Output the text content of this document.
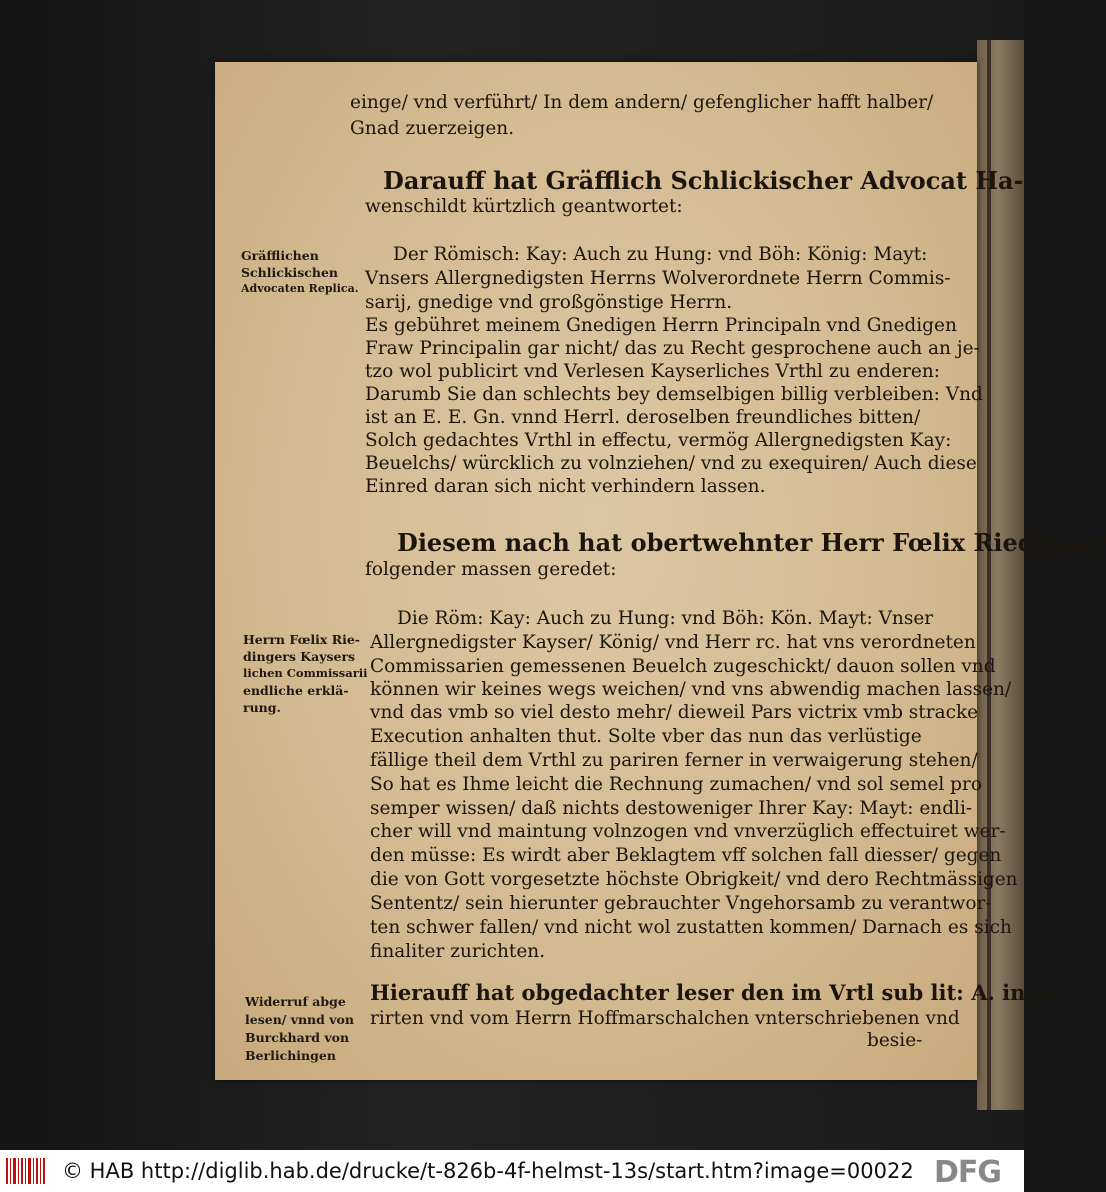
einge/ vnd verführt/ In dem andern/ gefenglicher hafft halber/
Gnad zuerzeigen.
Darauff hat Gräfflich Schlickischer Advocat Ha-
wenschildt kürtzlich geantwortet:
Der Römisch: Kay: Auch zu Hung: vnd Böh: König: Mayt:
Vnsers Allergnedigsten Herrns Wolverordnete Herrn Commis-
sarij, gnedige vnd großgönstige Herrn.
Es gebühret meinem Gnedigen Herrn Principaln vnd Gnedigen
Fraw Principalin gar nicht/ das zu Recht gesprochene auch an je-
tzo wol publicirt vnd Verlesen Kayserliches Vrthl zu enderen:
Darumb Sie dan schlechts bey demselbigen billig verbleiben: Vnd
ist an E. E. Gn. vnnd Herrl. deroselben freundliches bitten/
Solch gedachtes Vrthl in effectu, vermög Allergnedigsten Kay:
Beuelchs/ würcklich zu volnziehen/ vnd zu exequiren/ Auch diese
Einred daran sich nicht verhindern lassen.
Diesem nach hat obertwehnter Herr Fœlix Riedinger
folgender massen geredet:
Die Röm: Kay: Auch zu Hung: vnd Böh: Kön. Mayt: Vnser
Allergnedigster Kayser/ König/ vnd Herr rc. hat vns verordneten
Commissarien gemessenen Beuelch zugeschickt/ dauon sollen vnd
können wir keines wegs weichen/ vnd vns abwendig machen lassen/
vnd das vmb so viel desto mehr/ dieweil Pars victrix vmb stracke
Execution anhalten thut. Solte vber das nun das verlüstige
fällige theil dem Vrthl zu pariren ferner in verwaigerung stehen/
So hat es Ihme leicht die Rechnung zumachen/ vnd sol semel pro
semper wissen/ daß nichts destoweniger Ihrer Kay: Mayt: endli-
cher will vnd maintung volnzogen vnd vnverzüglich effectuiret wer-
den müsse: Es wirdt aber Beklagtem vff solchen fall diesser/ gegen
die von Gott vorgesetzte höchste Obrigkeit/ vnd dero Rechtmässigen
Sententz/ sein hierunter gebrauchter Vngehorsamb zu verantwor-
ten schwer fallen/ vnd nicht wol zustatten kommen/ Darnach es sich
finaliter zurichten.
Hierauff hat obgedachter leser den im Vrtl sub lit: A. inse-
rirten vnd vom Herrn Hoffmarschalchen vnterschriebenen vnd
besie-
Gräfflichen
Schlickischen
Advocaten Replica.
Herrn Fœlix Rie-
dingers Kaysers
lichen Commissarii
endliche erklä-
rung.
Widerruf abge
lesen/ vnnd von
Burckhard von
Berlichingen
© HAB http://diglib.hab.de/drucke/t-826b-4f-helmst-13s/start.htm?image=00022 DFG
